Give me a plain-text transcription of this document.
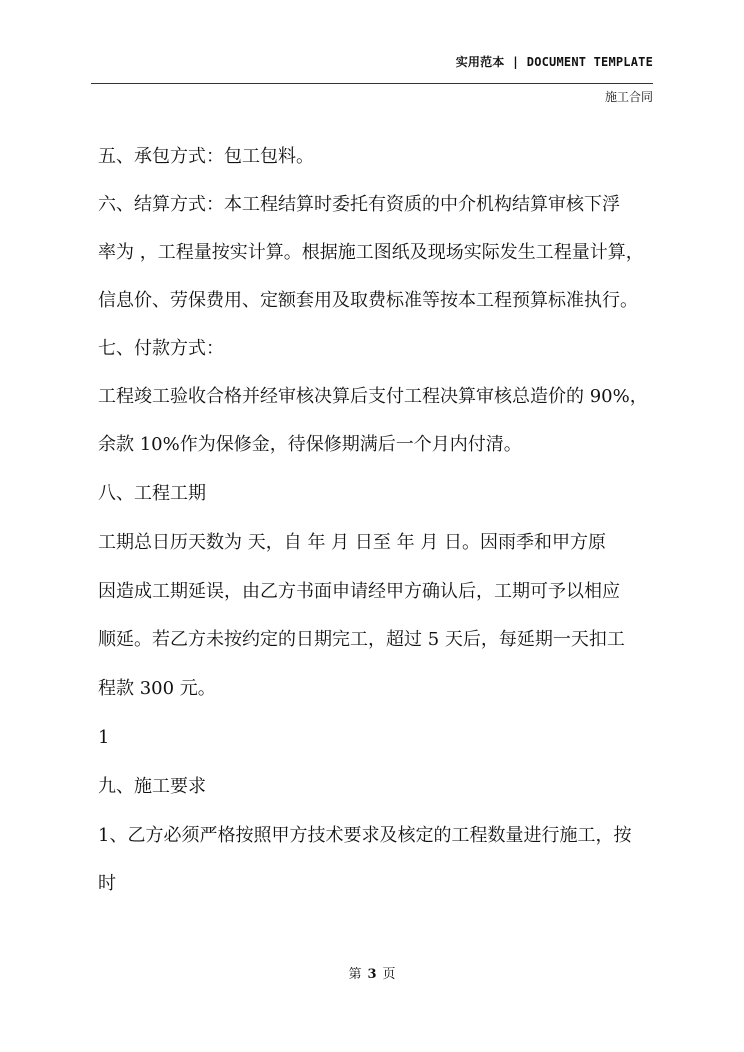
实用范本 | DOCUMENT TEMPLATE
施工合同
五、承包方式：包工包料。
六、结算方式：本工程结算时委托有资质的中介机构结算审核下浮
率为 ，工程量按实计算。根据施工图纸及现场实际发生工程量计算，
信息价、劳保费用、定额套用及取费标准等按本工程预算标准执行。
七、付款方式：
工程竣工验收合格并经审核决算后支付工程决算审核总造价的 90%，
余款 10%作为保修金，待保修期满后一个月内付清。
八、工程工期
工期总日历天数为 天，自 年 月 日至 年 月 日。因雨季和甲方原
因造成工期延误，由乙方书面申请经甲方确认后，工期可予以相应
顺延。若乙方未按约定的日期完工，超过 5 天后，每延期一天扣工
程款 300 元。
1
九、施工要求
1、乙方必须严格按照甲方技术要求及核定的工程数量进行施工，按
时
第 3 页
